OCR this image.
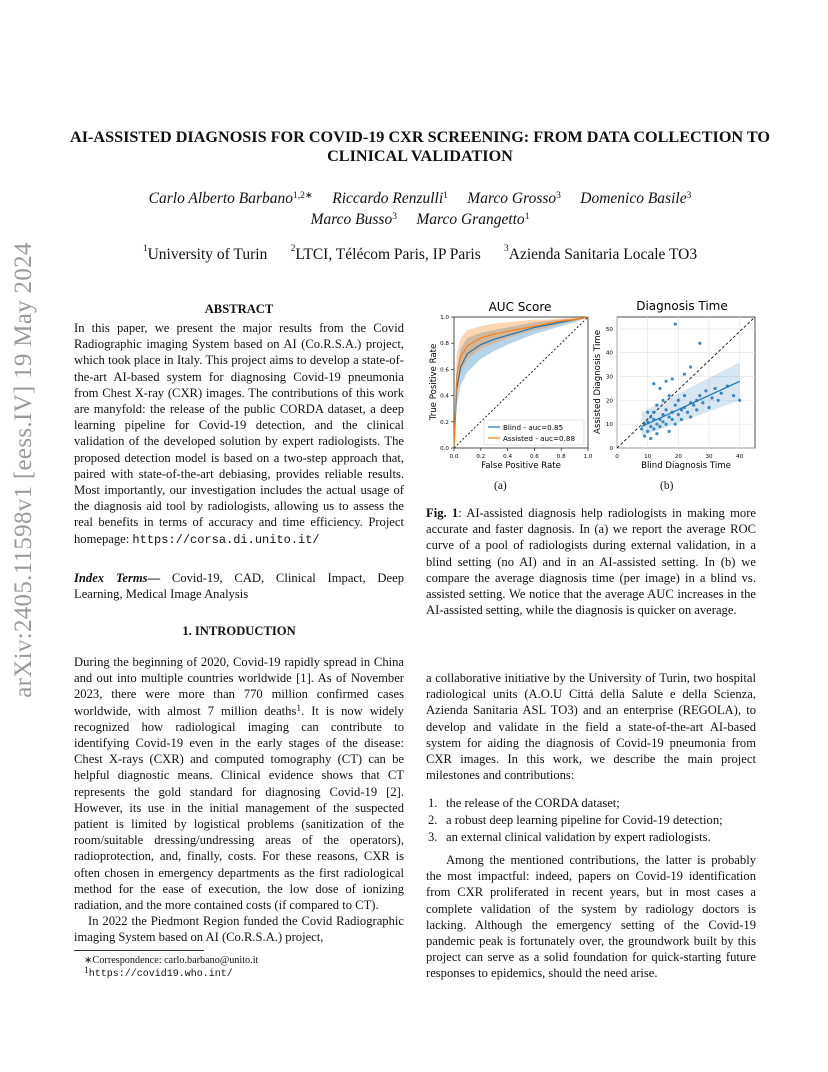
arXiv:2405.11598v1 [eess.IV] 19 May 2024
AI-ASSISTED DIAGNOSIS FOR COVID-19 CXR SCREENING: FROM DATA COLLECTION TO CLINICAL VALIDATION
Carlo Alberto Barbano$^{1,2∗}$ Riccardo Renzulli$^1$ Marco Grosso$^3$ Domenico Basile$^3$
Marco Busso$^3$ Marco Grangetto$^1$
$^1$University of Turin $^2$LTCI, Télécom Paris, IP Paris $^3$Azienda Sanitaria Locale TO3
ABSTRACT

In this paper, we present the major results from the Covid Radiographic imaging System based on AI (Co.R.S.A.) project, which took place in Italy. This project aims to develop a state-of-the-art AI-based system for diagnosing Covid-19 pneumonia from Chest X-ray (CXR) images. The contributions of this work are manyfold: the release of the public CORDA dataset, a deep learning pipeline for Covid-19 detection, and the clinical validation of the developed solution by expert radiologists. The proposed detection model is based on a two-step approach that, paired with state-of-the-art debiasing, provides reliable results. Most importantly, our investigation includes the actual usage of the diagnosis aid tool by radiologists, allowing us to assess the real benefits in terms of accuracy and time efficiency. Project homepage: https://corsa.di.unito.it/

Index Terms— Covid-19, CAD, Clinical Impact, Deep Learning, Medical Image Analysis

1. INTRODUCTION

During the beginning of 2020, Covid-19 rapidly spread in China and out into multiple countries worldwide [1]. As of November 2023, there were more than 770 million confirmed cases worldwide, with almost 7 million deaths$^1$. It is now widely recognized how radiological imaging can contribute to identifying Covid-19 even in the early stages of the disease: Chest X-rays (CXR) and computed tomography (CT) can be helpful diagnostic means. Clinical evidence shows that CT represents the gold standard for diagnosing Covid-19 [2]. However, its use in the initial management of the suspected patient is limited by logistical problems (sanitization of the room/suitable dressing/undressing areas of the operators), radioprotection, and, finally, costs. For these reasons, CXR is often chosen in emergency departments as the first radiological method for the ease of execution, the low dose of ionizing radiation, and the more contained costs (if compared to CT).

In 2022 the Piedmont Region funded the Covid Radiographic imaging System based on AI (Co.R.S.A.) project,

∗Correspondence: carlo.barbano@unito.it
$^1$https://covid19.who.int/
AUC Score
0.0
0.2
0.4
0.6
0.8
1.0
0.0	0.2	0.4	0.6	0.8	1.0
Blind - auc=0.85
Assisted - auc=0.88
False Positive Rate
True Positive Rate
Diagnosis Time
0
10
20
30
40
50
0	10	20	30	40
Blind Diagnosis Time
Assisted Diagnosis Time
(a)	(b)

Fig. 1: AI-assisted diagnosis help radiologists in making more accurate and faster dagnosis. In (a) we report the average ROC curve of a pool of radiologists during external validation, in a blind setting (no AI) and in an AI-assisted setting. In (b) we compare the average diagnosis time (per image) in a blind vs. assisted setting. We notice that the average AUC increases in the AI-assisted setting, while the diagnosis is quicker on average.

a collaborative initiative by the University of Turin, two hospital radiological units (A.O.U Cittá della Salute e della Scienza, Azienda Sanitaria ASL TO3) and an enterprise (REGOLA), to develop and validate in the field a state-of-the-art AI-based system for aiding the diagnosis of Covid-19 pneumonia from CXR images. In this work, we describe the main project milestones and contributions:

1. the release of the CORDA dataset;
2. a robust deep learning pipeline for Covid-19 detection;
3. an external clinical validation by expert radiologists.

Among the mentioned contributions, the latter is probably the most impactful: indeed, papers on Covid-19 identification from CXR proliferated in recent years, but in most cases a complete validation of the system by radiology doctors is lacking. Although the emergency setting of the Covid-19 pandemic peak is fortunately over, the groundwork built by this project can serve as a solid foundation for quick-starting future responses to epidemics, should the need arise.
